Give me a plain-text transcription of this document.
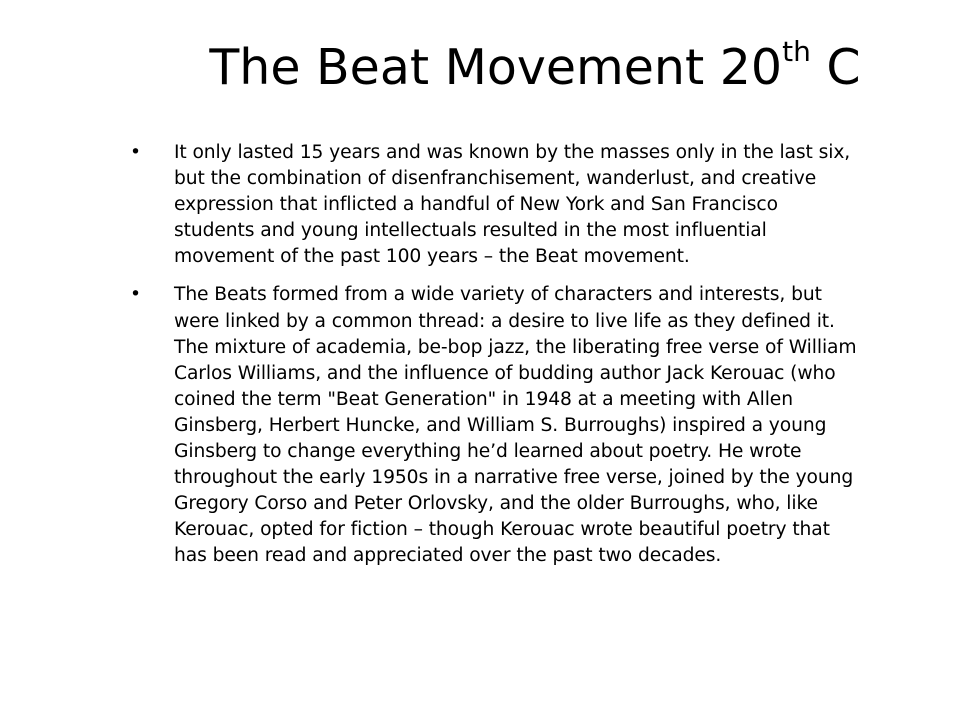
The Beat Movement 20th C
• It only lasted 15 years and was known by the masses only in the last six,
but the combination of disenfranchisement, wanderlust, and creative
expression that inflicted a handful of New York and San Francisco
students and young intellectuals resulted in the most influential
movement of the past 100 years – the Beat movement.
• The Beats formed from a wide variety of characters and interests, but
were linked by a common thread: a desire to live life as they defined it.
The mixture of academia, be-bop jazz, the liberating free verse of William
Carlos Williams, and the influence of budding author Jack Kerouac (who
coined the term "Beat Generation" in 1948 at a meeting with Allen
Ginsberg, Herbert Huncke, and William S. Burroughs) inspired a young
Ginsberg to change everything he’d learned about poetry. He wrote
throughout the early 1950s in a narrative free verse, joined by the young
Gregory Corso and Peter Orlovsky, and the older Burroughs, who, like
Kerouac, opted for fiction – though Kerouac wrote beautiful poetry that
has been read and appreciated over the past two decades.
